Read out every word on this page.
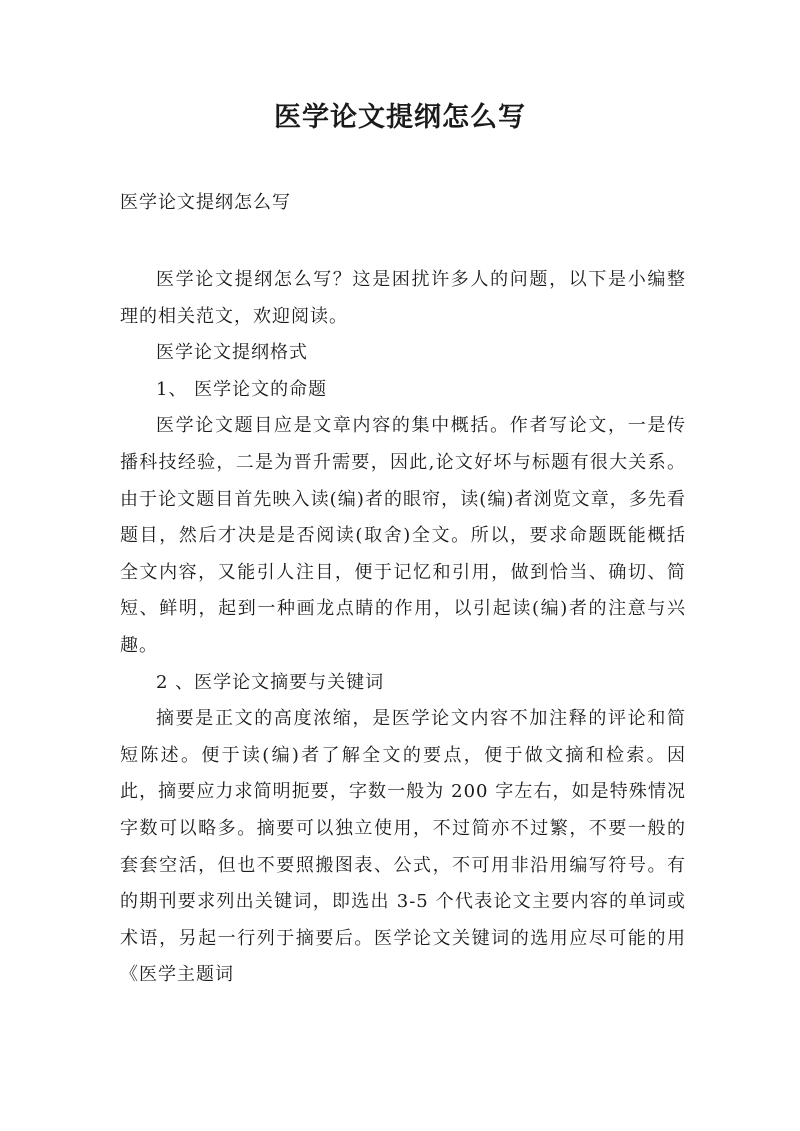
医学论文提纲怎么写
医学论文提纲怎么写

医学论文提纲怎么写？这是困扰许多人的问题，以下是小编整理的相关范文，欢迎阅读。

医学论文提纲格式

1、 医学论文的命题

医学论文题目应是文章内容的集中概括。作者写论文，一是传播科技经验，二是为晋升需要，因此,论文好坏与标题有很大关系。由于论文题目首先映入读(编)者的眼帘，读(编)者浏览文章，多先看题目，然后才决是是否阅读(取舍)全文。所以，要求命题既能概括全文内容，又能引人注目，便于记忆和引用，做到恰当、确切、简短、鲜明，起到一种画龙点睛的作用，以引起读(编)者的注意与兴趣。

2 、医学论文摘要与关键词

摘要是正文的高度浓缩，是医学论文内容不加注释的评论和简短陈述。便于读(编)者了解全文的要点，便于做文摘和检索。因此，摘要应力求简明扼要，字数一般为 200 字左右，如是特殊情况字数可以略多。摘要可以独立使用，不过简亦不过繁，不要一般的套套空活，但也不要照搬图表、公式，不可用非沿用编写符号。有的期刊要求列出关键词，即选出 3-5 个代表论文主要内容的单词或术语，另起一行列于摘要后。医学论文关键词的选用应尽可能的用《医学主题词
